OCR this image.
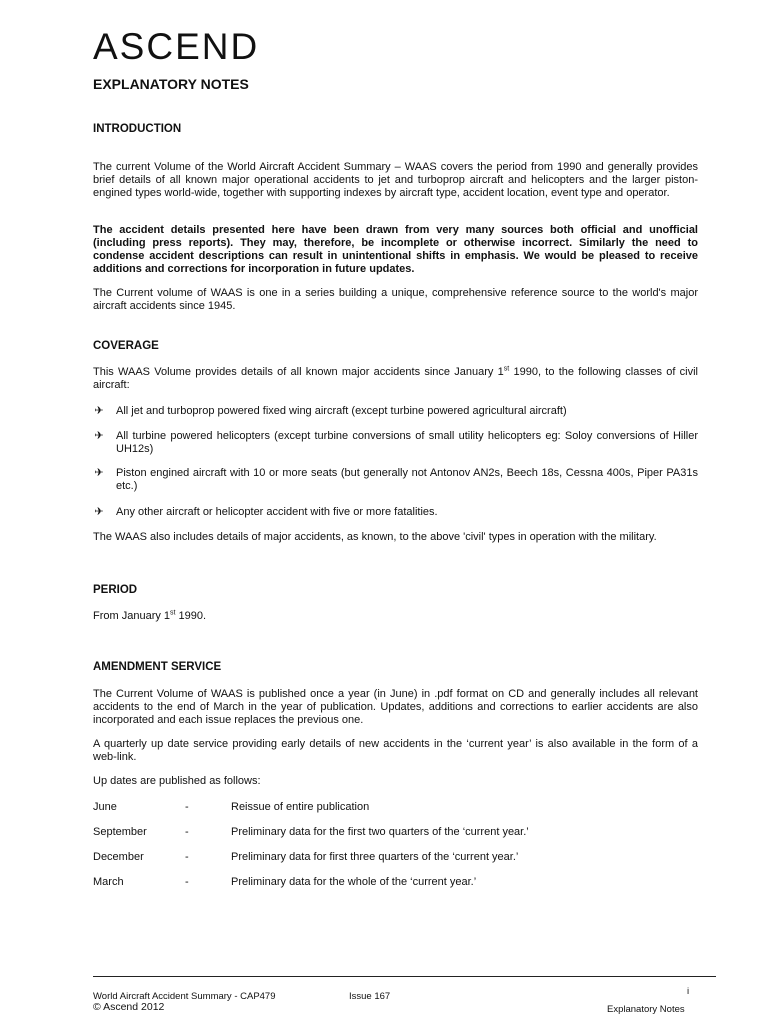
ASCEND
EXPLANATORY NOTES
INTRODUCTION

The current Volume of the World Aircraft Accident Summary – WAAS covers the period from 1990 and generally provides brief details of all known major operational accidents to jet and turboprop aircraft and helicopters and the larger piston-engined types world-wide, together with supporting indexes by aircraft type, accident location, event type and operator.

The accident details presented here have been drawn from very many sources both official and unofficial (including press reports). They may, therefore, be incomplete or otherwise incorrect. Similarly the need to condense accident descriptions can result in unintentional shifts in emphasis. We would be pleased to receive additions and corrections for incorporation in future updates.

The Current volume of WAAS is one in a series building a unique, comprehensive reference source to the world's major aircraft accidents since 1945.

COVERAGE

This WAAS Volume provides details of all known major accidents since January 1st 1990, to the following classes of civil aircraft:

✈ All jet and turboprop powered fixed wing aircraft (except turbine powered agricultural aircraft)
✈ All turbine powered helicopters (except turbine conversions of small utility helicopters eg: Soloy conversions of Hiller UH12s)
✈ Piston engined aircraft with 10 or more seats (but generally not Antonov AN2s, Beech 18s, Cessna 400s, Piper PA31s etc.)
✈ Any other aircraft or helicopter accident with five or more fatalities.

The WAAS also includes details of major accidents, as known, to the above 'civil' types in operation with the military.

PERIOD

From January 1st 1990.

AMENDMENT SERVICE

The Current Volume of WAAS is published once a year (in June) in .pdf format on CD and generally includes all relevant accidents to the end of March in the year of publication. Updates, additions and corrections to earlier accidents are also incorporated and each issue replaces the previous one.

A quarterly up date service providing early details of new accidents in the ‘current year’ is also available in the form of a web-link.

Up dates are published as follows:

June	-	Reissue of entire publication
September	-	Preliminary data for the first two quarters of the ‘current year.’
December	-	Preliminary data for first three quarters of the ‘current year.’
March	-	Preliminary data for the whole of the ‘current year.’
World Aircraft Accident Summary - CAP479	Issue 167	i
© Ascend 2012	Explanatory Notes
